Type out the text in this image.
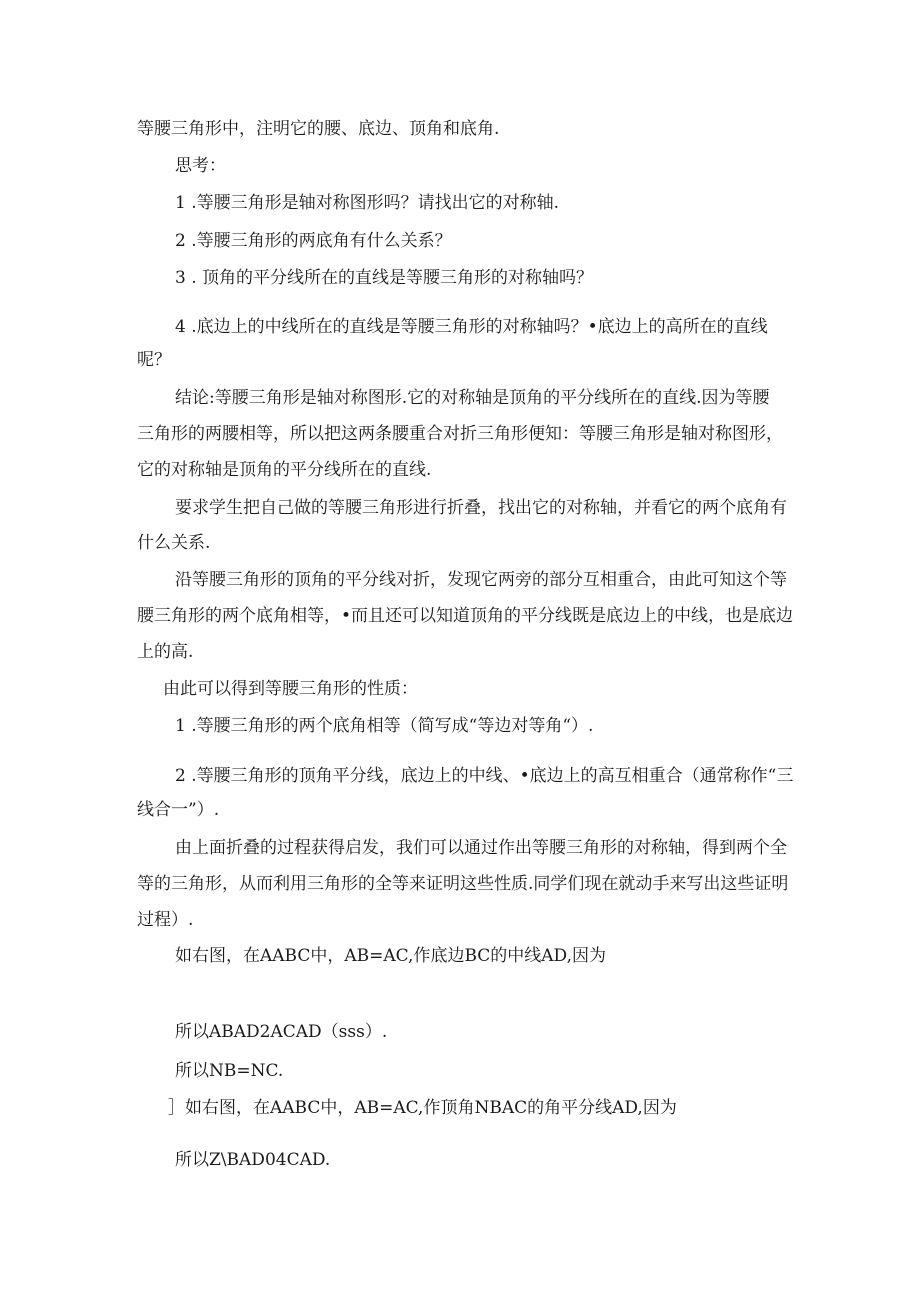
等腰三角形中，注明它的腰、底边、顶角和底角.

思考：

1 .等腰三角形是轴对称图形吗？请找出它的对称轴.

2 .等腰三角形的两底角有什么关系？

3 . 顶角的平分线所在的直线是等腰三角形的对称轴吗？

4 .底边上的中线所在的直线是等腰三角形的对称轴吗？•底边上的高所在的直线

呢？

结论:等腰三角形是轴对称图形.它的对称轴是顶角的平分线所在的直线.因为等腰

三角形的两腰相等，所以把这两条腰重合对折三角形便知：等腰三角形是轴对称图形，

它的对称轴是顶角的平分线所在的直线.

要求学生把自己做的等腰三角形进行折叠，找出它的对称轴，并看它的两个底角有

什么关系.

沿等腰三角形的顶角的平分线对折，发现它两旁的部分互相重合，由此可知这个等

腰三角形的两个底角相等，•而且还可以知道顶角的平分线既是底边上的中线，也是底边

上的高.

由此可以得到等腰三角形的性质：

1 .等腰三角形的两个底角相等（简写成“等边对等角“）.

2 .等腰三角形的顶角平分线，底边上的中线、•底边上的高互相重合（通常称作“三

线合一”）.

由上面折叠的过程获得启发，我们可以通过作出等腰三角形的对称轴，得到两个全

等的三角形，从而利用三角形的全等来证明这些性质.同学们现在就动手来写出这些证明

过程）.

如右图，在AABC中，AB=AC,作底边BC的中线AD,因为

所以ABAD2ACAD（sss）.

所以NB=NC.

］如右图，在AABC中，AB=AC,作顶角NBAC的角平分线AD,因为

所以Z\BAD04CAD.
